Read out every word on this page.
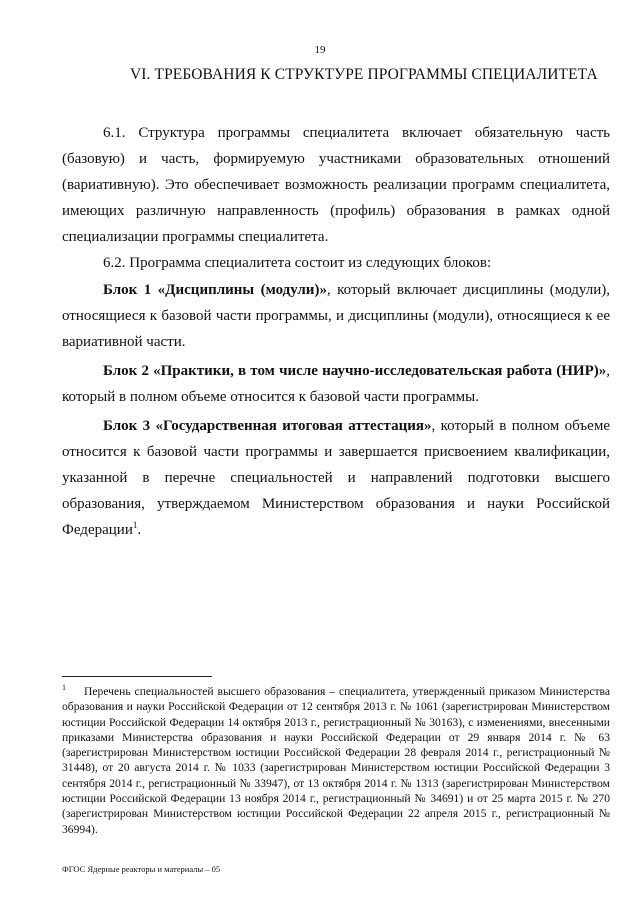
19
VI. ТРЕБОВАНИЯ К СТРУКТУРЕ ПРОГРАММЫ СПЕЦИАЛИТЕТА

6.1. Структура программы специалитета включает обязательную часть (базовую) и часть, формируемую участниками образовательных отношений (вариативную). Это обеспечивает возможность реализации программ специалитета, имеющих различную направленность (профиль) образования в рамках одной специализации программы специалитета.

6.2. Программа специалитета состоит из следующих блоков:

Блок 1 «Дисциплины (модули)», который включает дисциплины (модули), относящиеся к базовой части программы, и дисциплины (модули), относящиеся к ее вариативной части.

Блок 2 «Практики, в том числе научно-исследовательская работа (НИР)», который в полном объеме относится к базовой части программы.

Блок 3 «Государственная итоговая аттестация», который в полном объеме относится к базовой части программы и завершается присвоением квалификации, указанной в перечне специальностей и направлений подготовки высшего образования, утверждаемом Министерством образования и науки Российской Федерации$^1$.

$^1$ Перечень специальностей высшего образования – специалитета, утвержденный приказом Министерства образования и науки Российской Федерации от 12 сентября 2013 г. № 1061 (зарегистрирован Министерством юстиции Российской Федерации 14 октября 2013 г., регистрационный № 30163), с изменениями, внесенными приказами Министерства образования и науки Российской Федерации от 29 января 2014 г. № 63 (зарегистрирован Министерством юстиции Российской Федерации 28 февраля 2014 г., регистрационный № 31448), от 20 августа 2014 г. № 1033 (зарегистрирован Министерством юстиции Российской Федерации 3 сентября 2014 г., регистрационный № 33947), от 13 октября 2014 г. № 1313 (зарегистрирован Министерством юстиции Российской Федерации 13 ноября 2014 г., регистрационный № 34691) и от 25 марта 2015 г. № 270 (зарегистрирован Министерством юстиции Российской Федерации 22 апреля 2015 г., регистрационный № 36994).
ФГОС Ядерные реакторы и материалы – 05
